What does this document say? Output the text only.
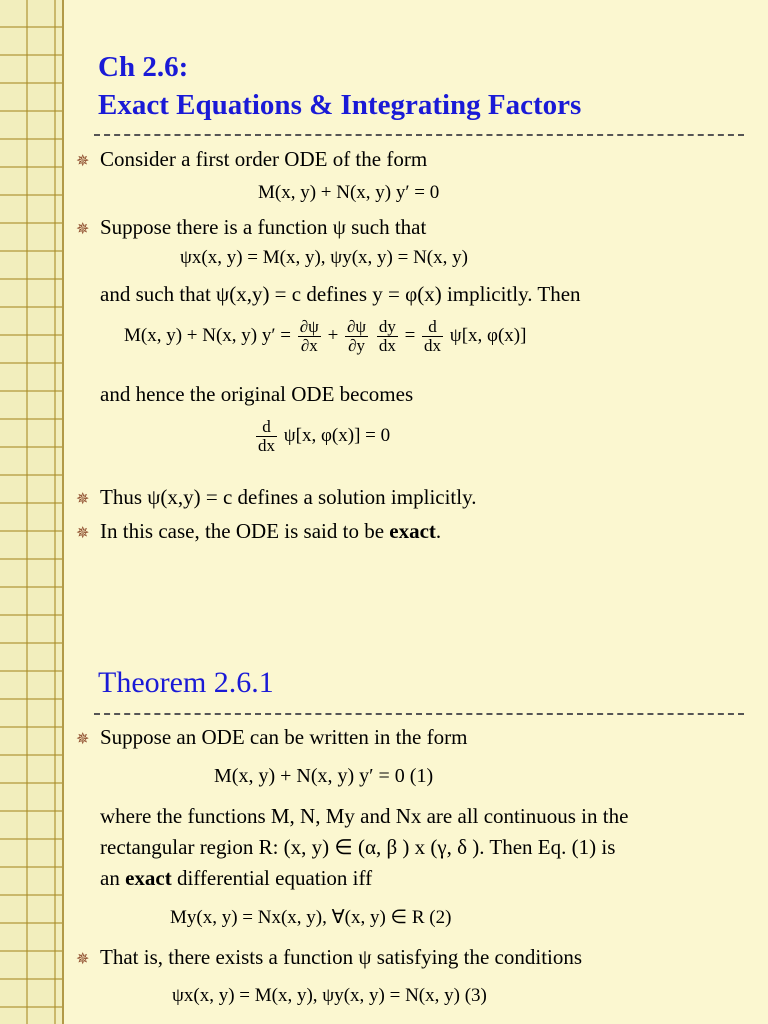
Ch 2.6:
Exact Equations & Integrating Factors
✵ Consider a first order ODE of the form
M(x, y) + N(x, y) y′ = 0
✵ Suppose there is a function ψ such that
ψx(x, y) = M(x, y), ψy(x, y) = N(x, y)
and such that ψ(x,y) = c defines y = φ(x) implicitly. Then
M(x, y) + N(x, y) $y' = \frac{\partial\psi}{\partial x} + \frac{\partial\psi}{\partial y}$
$\frac{dy}{dx} = \frac{d}{dx} \psi[x$, φ(x)]
and hence the original ODE becomes
$\frac{d}{dx} \psi[x$, φ(x)] = 0
✵ Thus ψ(x,y) = c defines a solution implicitly.
✵ In this case, the ODE is said to be exact.
Theorem 2.6.1
✵ Suppose an ODE can be written in the form
M(x, y) + N(x, y) y′ = 0 (1)
where the functions M, N, My and Nx are all continuous in the
rectangular region R: (x, y) ∈ (α, β ) x (γ, δ ). Then Eq. (1) is
an exact differential equation iff
My(x, y) = Nx(x, y), ∀(x, y) ∈ R (2)
✵ That is, there exists a function ψ satisfying the conditions
ψx(x, y) = M(x, y), ψy(x, y) = N(x, y) (3)
